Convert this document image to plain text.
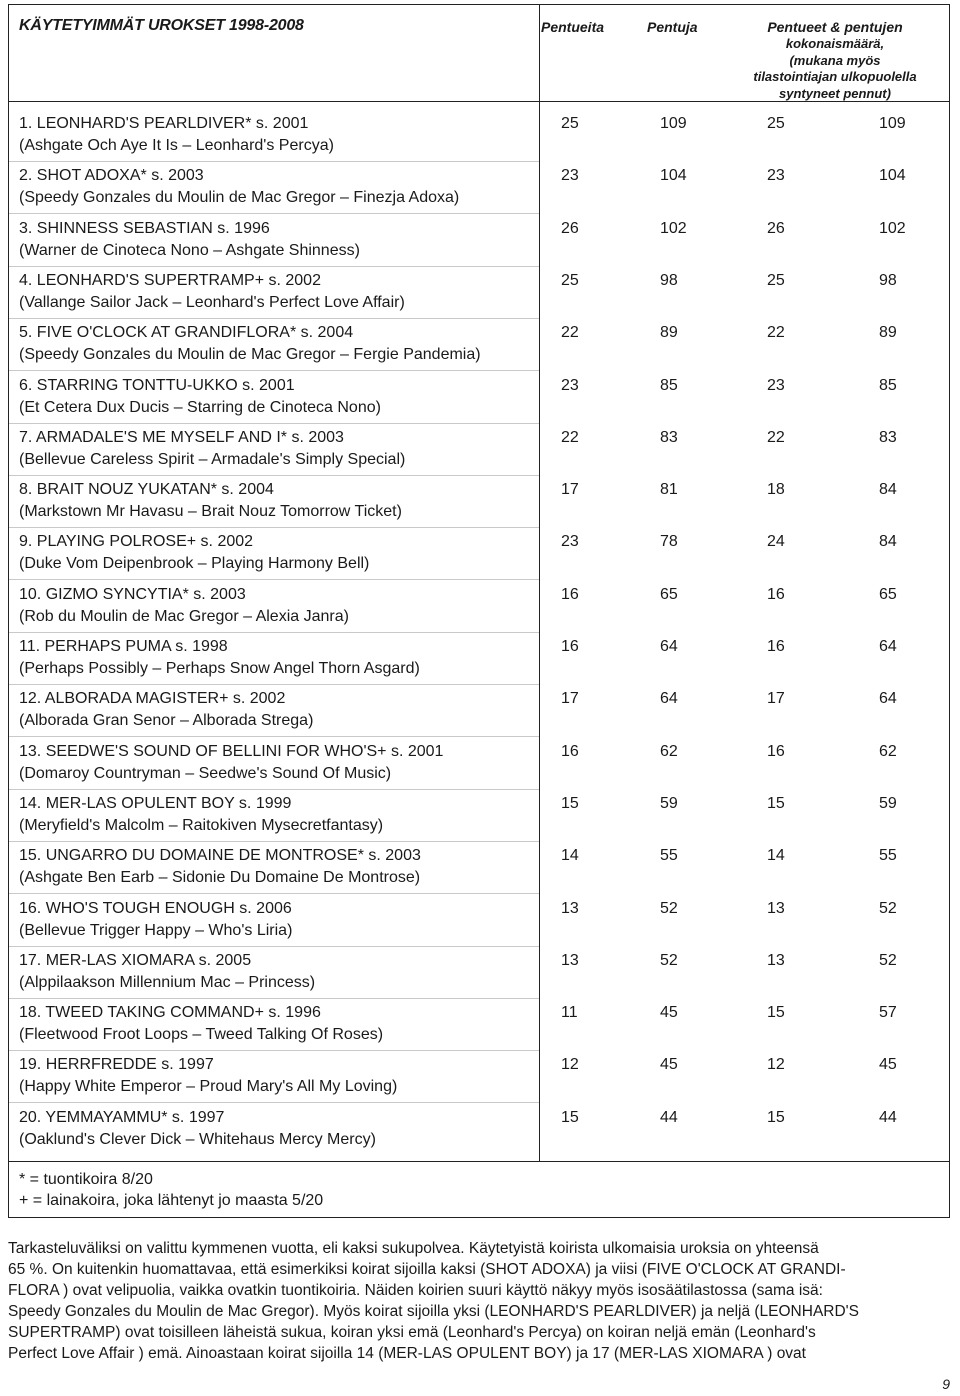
KÄYTETYIMMÄT UROKSET 1998-2008	Pentueita	Pentuja	Pentueet & pentujen
kokonaismäärä,
(mukana myös
tilastointiajan ulkopuolella
syntyneet pennut)
1. LEONHARD'S PEARLDIVER* s. 2001
(Ashgate Och Aye It Is – Leonhard's Percya)
25	109	25	109
2. SHOT ADOXA* s. 2003
(Speedy Gonzales du Moulin de Mac Gregor – Finezja Adoxa)
23	104	23	104
3. SHINNESS SEBASTIAN s. 1996
(Warner de Cinoteca Nono – Ashgate Shinness)
26	102	26	102
4. LEONHARD'S SUPERTRAMP+ s. 2002
(Vallange Sailor Jack – Leonhard's Perfect Love Affair)
25	98	25	98
5. FIVE O'CLOCK AT GRANDIFLORA* s. 2004
(Speedy Gonzales du Moulin de Mac Gregor – Fergie Pandemia)
22	89	22	89
6. STARRING TONTTU-UKKO s. 2001
(Et Cetera Dux Ducis – Starring de Cinoteca Nono)
23	85	23	85
7. ARMADALE'S ME MYSELF AND I* s. 2003
(Bellevue Careless Spirit – Armadale's Simply Special)
22	83	22	83
8. BRAIT NOUZ YUKATAN* s. 2004
(Markstown Mr Havasu – Brait Nouz Tomorrow Ticket)
17	81	18	84
9. PLAYING POLROSE+ s. 2002
(Duke Vom Deipenbrook – Playing Harmony Bell)
23	78	24	84
10. GIZMO SYNCYTIA* s. 2003
(Rob du Moulin de Mac Gregor – Alexia Janra)
16	65	16	65
11. PERHAPS PUMA s. 1998
(Perhaps Possibly – Perhaps Snow Angel Thorn Asgard)
16	64	16	64
12. ALBORADA MAGISTER+ s. 2002
(Alborada Gran Senor – Alborada Strega)
17	64	17	64
13. SEEDWE'S SOUND OF BELLINI FOR WHO'S+ s. 2001
(Domaroy Countryman – Seedwe's Sound Of Music)
16	62	16	62
14. MER-LAS OPULENT BOY s. 1999
(Meryfield's Malcolm – Raitokiven Mysecretfantasy)
15	59	15	59
15. UNGARRO DU DOMAINE DE MONTROSE* s. 2003
(Ashgate Ben Earb – Sidonie Du Domaine De Montrose)
14	55	14	55
16. WHO'S TOUGH ENOUGH s. 2006
(Bellevue Trigger Happy – Who's Liria)
13	52	13	52
17. MER-LAS XIOMARA s. 2005
(Alppilaakson Millennium Mac – Princess)
13	52	13	52
18. TWEED TAKING COMMAND+ s. 1996
(Fleetwood Froot Loops – Tweed Talking Of Roses)
11	45	15	57
19. HERRFREDDE s. 1997
(Happy White Emperor – Proud Mary's All My Loving)
12	45	12	45
20. YEMMAYAMMU* s. 1997
(Oaklund's Clever Dick – Whitehaus Mercy Mercy)
15	44	15	44
* = tuontikoira 8/20
+ = lainakoira, joka lähtenyt jo maasta 5/20
Tarkasteluväliksi on valittu kymmenen vuotta, eli kaksi sukupolvea. Käytetyistä koirista ulkomaisia uroksia on yhteensä
65 %. On kuitenkin huomattavaa, että esimerkiksi koirat sijoilla kaksi (SHOT ADOXA) ja viisi (FIVE O'CLOCK AT GRANDI-
FLORA ) ovat velipuolia, vaikka ovatkin tuontikoiria. Näiden koirien suuri käyttö näkyy myös isosäätilastossa (sama isä:
Speedy Gonzales du Moulin de Mac Gregor). Myös koirat sijoilla yksi (LEONHARD'S PEARLDIVER) ja neljä (LEONHARD'S
SUPERTRAMP) ovat toisilleen läheistä sukua, koiran yksi emä (Leonhard's Percya) on koiran neljä emän (Leonhard's
Perfect Love Affair ) emä. Ainoastaan koirat sijoilla 14 (MER-LAS OPULENT BOY) ja 17 (MER-LAS XIOMARA ) ovat
9
